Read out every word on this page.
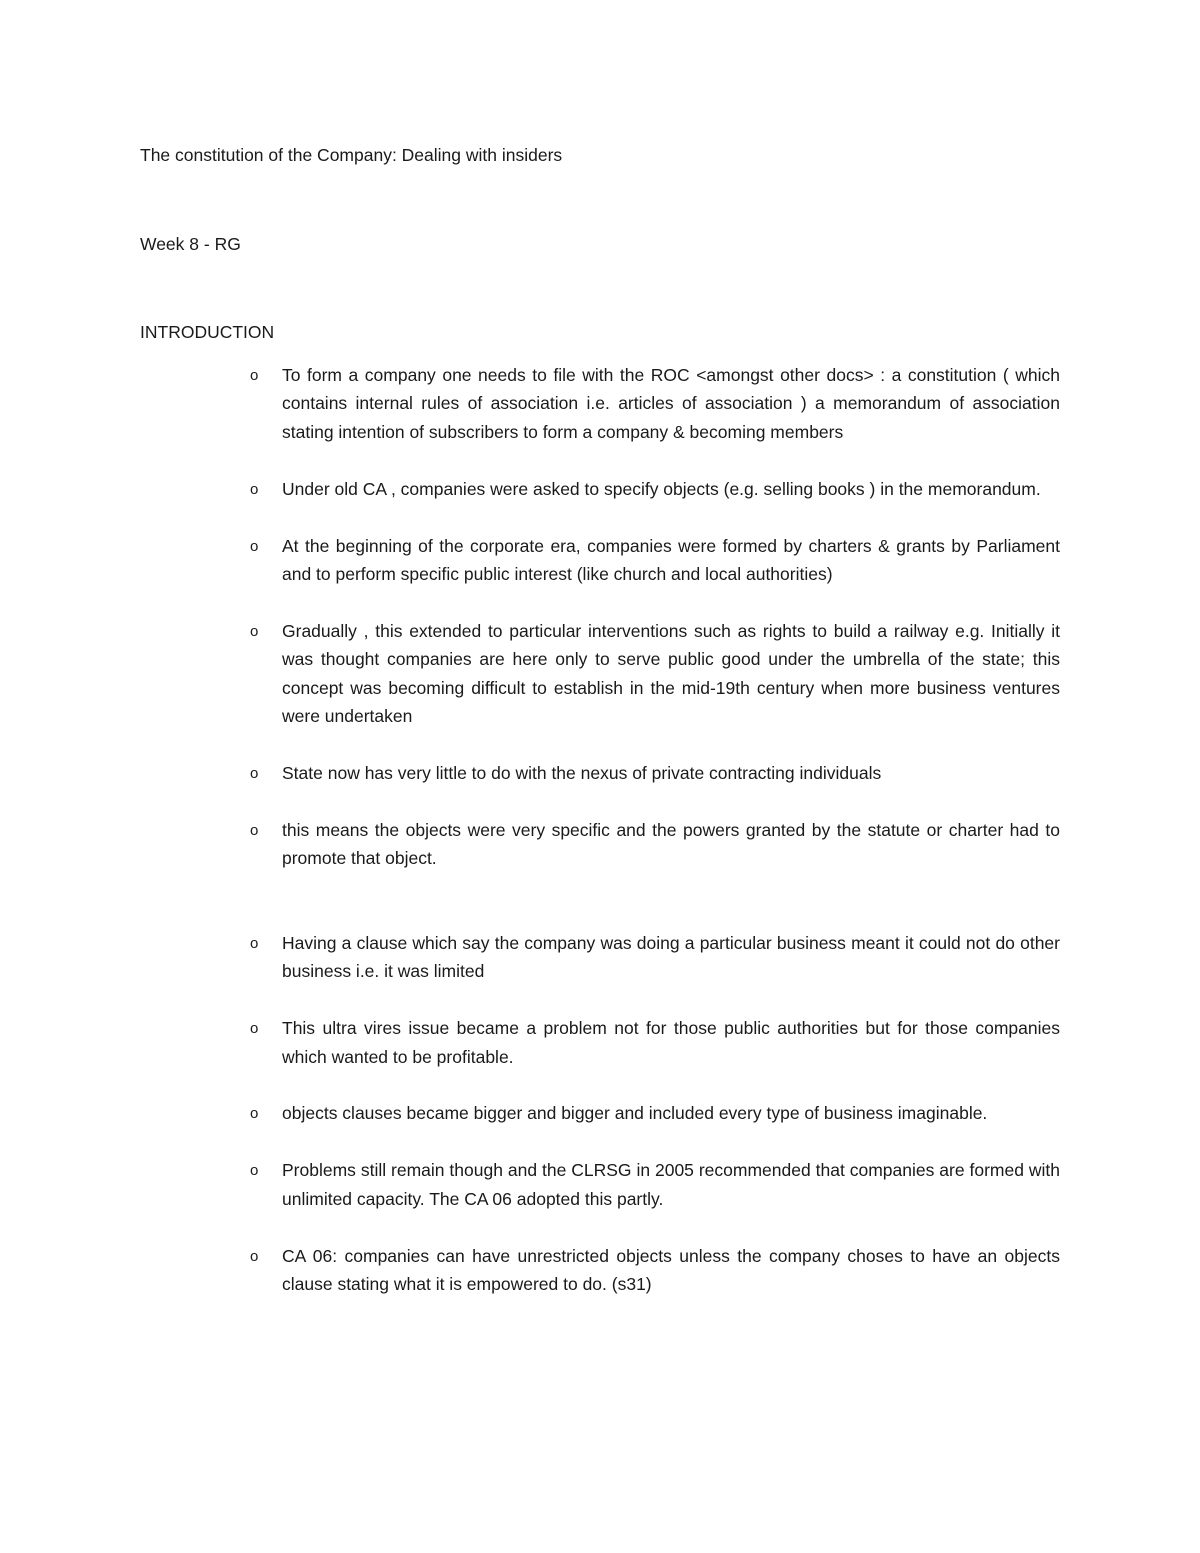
The constitution of the Company: Dealing with insiders
Week 8 - RG
INTRODUCTION
o To form a company one needs to file with the ROC <amongst other docs> : a constitution ( which contains internal rules of association i.e. articles of association ) a memorandum of association stating intention of subscribers to form a company & becoming members
o Under old CA , companies were asked to specify objects (e.g. selling books ) in the memorandum.
o At the beginning of the corporate era, companies were formed by charters & grants by Parliament and to perform specific public interest (like church and local authorities)
o Gradually , this extended to particular interventions such as rights to build a railway e.g. Initially it was thought companies are here only to serve public good under the umbrella of the state; this concept was becoming difficult to establish in the mid-19th century when more business ventures were undertaken
o State now has very little to do with the nexus of private contracting individuals
o this means the objects were very specific and the powers granted by the statute or charter had to promote that object.
o Having a clause which say the company was doing a particular business meant it could not do other business i.e. it was limited
o This ultra vires issue became a problem not for those public authorities but for those companies which wanted to be profitable.
o objects clauses became bigger and bigger and included every type of business imaginable.
o Problems still remain though and the CLRSG in 2005 recommended that companies are formed with unlimited capacity. The CA 06 adopted this partly.
o CA 06: companies can have unrestricted objects unless the company choses to have an objects clause stating what it is empowered to do. (s31)
